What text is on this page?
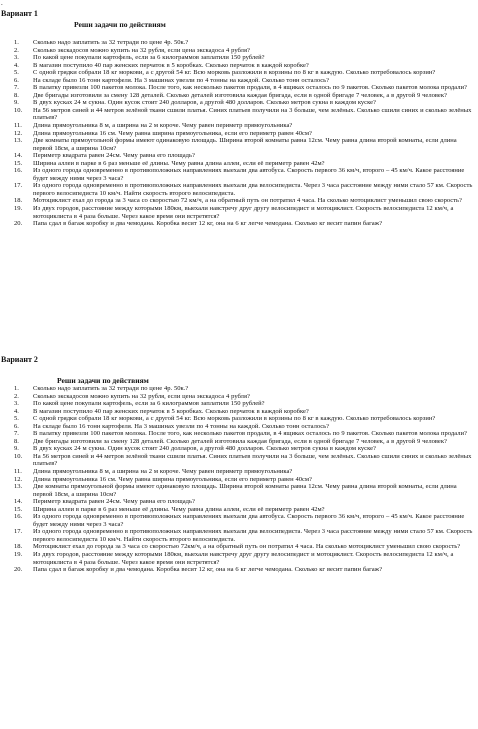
.
Вариант 1
Реши задачи по действиям
1. Сколько надо заплатить за 32 тетради по цене 4р. 50к.?
2. Сколько экскадосов можно купить на 32 рубля, если цена экскадоса 4 рубля?
3. По какой цене покупали картофель, если за 6 килограммов заплатили 150 рублей?
4. В магазин поступило 40 пар женских перчаток в 5 коробках. Сколько перчаток в каждой коробке?
5. С одной грядки собрали 18 кг моркови, а с другой 54 кг. Всю морковь разложили в корзины по 8 кг в каждую. Сколько потребовалось корзин?
6. На складе было 16 тонн картофеля. На 3 машинах увезли по 4 тонны на каждой. Сколько тонн осталось?
7. В палатку привезли 100 пакетов молока. После того, как несколько пакетов продали, в 4 ящиках осталось по 9 пакетов. Сколько пакетов молока продали?
8. Две бригады изготовили за смену 128 деталей. Сколько деталей изготовила каждая бригада, если в одной бригаде 7 человек, а в другой 9 человек?
9. В двух кусках 24 м сукна. Один кусок стоит 240 долларов, а другой 480 долларов. Сколько метров сукна в каждом куске?
10. На 56 метров синей и 44 метров зелёной ткани сшили платья. Синих платьев получили на 3 больше, чем зелёных. Сколько сшили синих и сколько зелёных платьев?
11. Длина прямоугольника 8 м, а ширина на 2 м короче. Чему равен периметр прямоугольника?
12. Длина прямоугольника 16 см. Чему равна ширина прямоугольника, если его периметр равен 40см?
13. Две комнаты прямоугольной формы имеют одинаковую площадь. Ширина второй комнаты равна 12см. Чему равна длина второй комнаты, если длина первой 18см, а ширина 10см?
14. Периметр квадрата равен 24см. Чему равна его площадь?
15. Ширина аллеи в парке в 6 раз меньше её длины. Чему равна длина аллеи, если её периметр равен 42м?
16. Из одного города одновременно в противоположных направлениях выехали два автобуса. Скорость первого 36 км/ч, второго – 45 км/ч. Какое расстояние будет между ними через 3 часа?
17. Из одного города одновременно в противоположных направлениях выехали два велосипедиста. Через 3 часа расстояние между ними стало 57 км. Скорость первого велосипедиста 10 км/ч. Найти скорость второго велосипедиста.
18. Мотоциклист ехал до города за 3 часа со скоростью 72 км/ч, а на обратный путь он потратил 4 часа. На сколько мотоциклист уменьшил свою скорость?
19. Из двух городов, расстояние между которыми 180км, выехали навстречу друг другу велосипедист и мотоциклист. Скорость велосипедиста 12 км/ч, а мотоциклиста в 4 раза больше. Через какое время они встретятся?
20. Папа сдал в багаж коробку и два чемодана. Коробка весит 12 кг, она на 6 кг легче чемодана. Сколько кг весит папин багаж?
Вариант 2
Реши задачи по действиям
1. Сколько надо заплатить за 32 тетради по цене 4р. 50к.?
2. Сколько экскадосов можно купить на 32 рубля, если цена экскадоса 4 рубля?
3. По какой цене покупали картофель, если за 6 килограммов заплатили 150 рублей?
4. В магазин поступило 40 пар женских перчаток в 5 коробках. Сколько перчаток в каждой коробке?
5. С одной грядки собрали 18 кг моркови, а с другой 54 кг. Всю морковь разложили в корзины по 8 кг в каждую. Сколько потребовалось корзин?
6. На складе было 16 тонн картофеля. На 3 машинах увезли по 4 тонны на каждой. Сколько тонн осталось?
7. В палатку привезли 100 пакетов молока. После того, как несколько пакетов продали, в 4 ящиках осталось по 9 пакетов. Сколько пакетов молока продали?
8. Две бригады изготовили за смену 128 деталей. Сколько деталей изготовила каждая бригада, если в одной бригаде 7 человек, а в другой 9 человек?
9. В двух кусках 24 м сукна. Один кусок стоит 240 долларов, а другой 480 долларов. Сколько метров сукна в каждом куске?
10. На 56 метров синей и 44 метров зелёной ткани сшили платья. Синих платьев получили на 3 больше, чем зелёных. Сколько сшили синих и сколько зелёных платьев?
11. Длина прямоугольника 8 м, а ширина на 2 м короче. Чему равен периметр прямоугольника?
12. Длина прямоугольника 16 см. Чему равна ширина прямоугольника, если его периметр равен 40см?
13. Две комнаты прямоугольной формы имеют одинаковую площадь. Ширина второй комнаты равна 12см. Чему равна длина второй комнаты, если длина первой 18см, а ширина 10см?
14. Периметр квадрата равен 24см. Чему равна его площадь?
15. Ширина аллеи в парке в 6 раз меньше её длины. Чему равна длина аллеи, если её периметр равен 42м?
16. Из одного города одновременно в противоположных направлениях выехали два автобуса. Скорость первого 36 км/ч, второго – 45 км/ч. Какое расстояние будет между ними через 3 часа?
17. Из одного города одновременно в противоположных направлениях выехали два велосипедиста. Через 3 часа расстояние между ними стало 57 км. Скорость первого велосипедиста 10 км/ч. Найти скорость второго велосипедиста.
18. Мотоциклист ехал до города за 3 часа со скоростью 72км/ч, а на обратный путь он потратил 4 часа. На сколько мотоциклист уменьшил свою скорость?
19. Из двух городов, расстояние между которыми 180км, выехали навстречу друг другу велосипедист и мотоциклист. Скорость велосипедиста 12 км/ч, а мотоциклиста в 4 раза больше. Через какое время они встретятся?
20. Папа сдал в багаж коробку и два чемодана. Коробка весит 12 кг, она на 6 кг легче чемодана. Сколько кг весит папин багаж?
